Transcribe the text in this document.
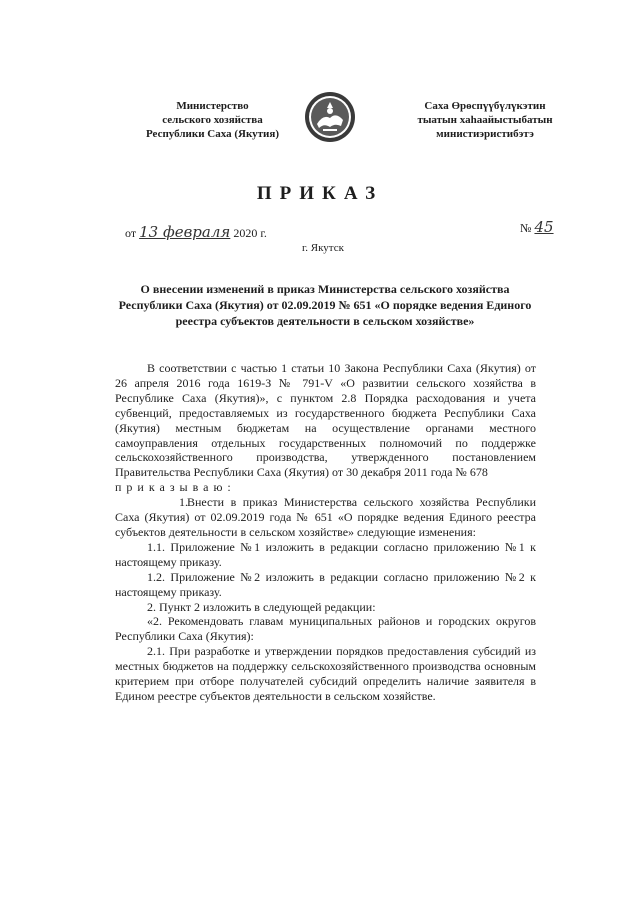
Министерство
сельского хозяйства
Республики Саха (Якутия)
Саха Өрөспүүбүлүкэтин
тыатын хаһаайыстыбатын
министиэристибэтэ
ПРИКАЗ
от 13 февраля 2020 г.	№ 45
г. Якутск
О внесении изменений в приказ Министерства сельского хозяйства Республики Саха (Якутия) от 02.09.2019 № 651 «О порядке ведения Единого реестра субъектов деятельности в сельском хозяйстве»

В соответствии с частью 1 статьи 10 Закона Республики Саха (Якутия) от 26 апреля 2016 года 1619-З № 791-V «О развитии сельского хозяйства в Республике Саха (Якутия)», с пунктом 2.8 Порядка расходования и учета субвенций, предоставляемых из государственного бюджета Республики Саха (Якутия) местным бюджетам на осуществление органами местного самоуправления отдельных государственных полномочий по поддержке сельскохозяйственного производства, утвержденного постановлением Правительства Республики Саха (Якутия) от 30 декабря 2011 года № 678

приказываю:

1.Внести в приказ Министерства сельского хозяйства Республики Саха (Якутия) от 02.09.2019 года № 651 «О порядке ведения Единого реестра субъектов деятельности в сельском хозяйстве» следующие изменения:

1.1. Приложение №1 изложить в редакции согласно приложению №1 к настоящему приказу.

1.2. Приложение №2 изложить в редакции согласно приложению №2 к настоящему приказу.

2. Пункт 2 изложить в следующей редакции:

«2. Рекомендовать главам муниципальных районов и городских округов Республики Саха (Якутия):

2.1. При разработке и утверждении порядков предоставления субсидий из местных бюджетов на поддержку сельскохозяйственного производства основным критерием при отборе получателей субсидий определить наличие заявителя в Едином реестре субъектов деятельности в сельском хозяйстве.
